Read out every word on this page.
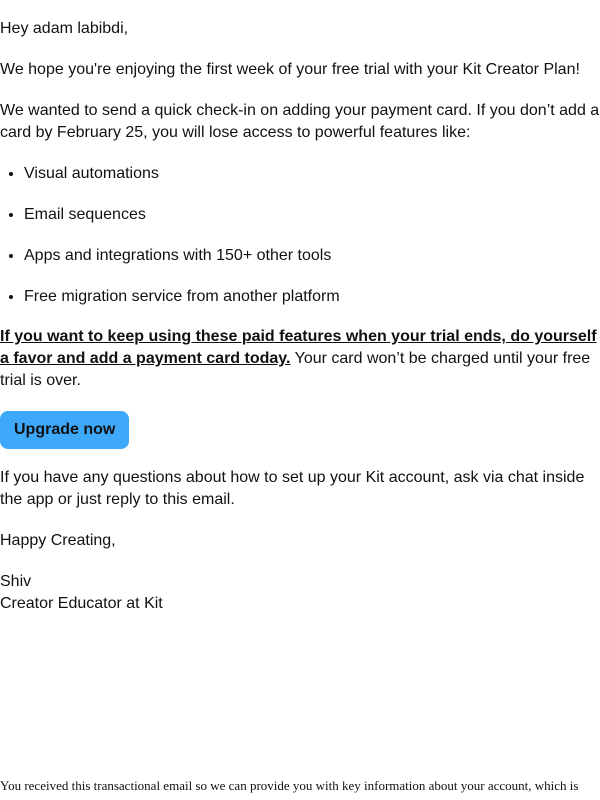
Hey adam labibdi,

We hope you're enjoying the first week of your free trial with your Kit Creator Plan!

We wanted to send a quick check-in on adding your payment card. If you don’t add a card by February 25, you will lose access to powerful features like:

• Visual automations
• Email sequences
• Apps and integrations with 150+ other tools
• Free migration service from another platform

If you want to keep using these paid features when your trial ends, do yourself a favor and add a payment card today. Your card won’t be charged until your free trial is over.

Upgrade now

If you have any questions about how to set up your Kit account, ask via chat inside the app or just reply to this email.

Happy Creating,

Shiv

Creator Educator at Kit

You received this transactional email so we can provide you with key information about your account, which is
